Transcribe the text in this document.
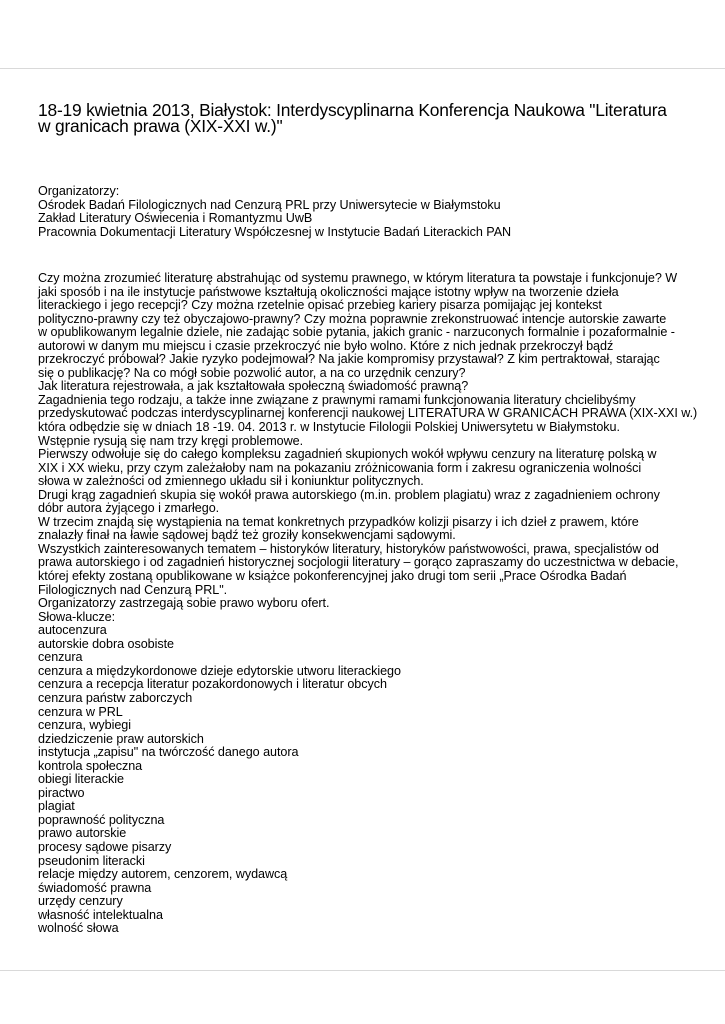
18-19 kwietnia 2013, Białystok: Interdyscyplinarna Konferencja Naukowa "Literatura
w granicach prawa (XIX-XXI w.)"
Organizatorzy:
Ośrodek Badań Filologicznych nad Cenzurą PRL przy Uniwersytecie w Białymstoku
Zakład Literatury Oświecenia i Romantyzmu UwB
Pracownia Dokumentacji Literatury Współczesnej w Instytucie Badań Literackich PAN
Czy można zrozumieć literaturę abstrahując od systemu prawnego, w którym literatura ta powstaje i funkcjonuje? W
jaki sposób i na ile instytucje państwowe kształtują okoliczności mające istotny wpływ na tworzenie dzieła
literackiego i jego recepcji? Czy można rzetelnie opisać przebieg kariery pisarza pomijając jej kontekst
polityczno-prawny czy też obyczajowo-prawny? Czy można poprawnie zrekonstruować intencje autorskie zawarte
w opublikowanym legalnie dziele, nie zadając sobie pytania, jakich granic - narzuconych formalnie i pozaformalnie -
autorowi w danym mu miejscu i czasie przekroczyć nie było wolno. Które z nich jednak przekroczył bądź
przekroczyć próbował? Jakie ryzyko podejmował? Na jakie kompromisy przystawał? Z kim pertraktował, starając
się o publikację? Na co mógł sobie pozwolić autor, a na co urzędnik cenzury?
Jak literatura rejestrowała, a jak kształtowała społeczną świadomość prawną?
Zagadnienia tego rodzaju, a także inne związane z prawnymi ramami funkcjonowania literatury chcielibyśmy
przedyskutować podczas interdyscyplinarnej konferencji naukowej LITERATURA W GRANICACH PRAWA (XIX-XXI w.)
która odbędzie się w dniach 18 -19. 04. 2013 r. w Instytucie Filologii Polskiej Uniwersytetu w Białymstoku.
Wstępnie rysują się nam trzy kręgi problemowe.
Pierwszy odwołuje się do całego kompleksu zagadnień skupionych wokół wpływu cenzury na literaturę polską w
XIX i XX wieku, przy czym zależałoby nam na pokazaniu zróżnicowania form i zakresu ograniczenia wolności
słowa w zależności od zmiennego układu sił i koniunktur politycznych.
Drugi krąg zagadnień skupia się wokół prawa autorskiego (m.in. problem plagiatu) wraz z zagadnieniem ochrony
dóbr autora żyjącego i zmarłego.
W trzecim znajdą się wystąpienia na temat konkretnych przypadków kolizji pisarzy i ich dzieł z prawem, które
znalazły finał na ławie sądowej bądź też groziły konsekwencjami sądowymi.
Wszystkich zainteresowanych tematem – historyków literatury, historyków państwowości, prawa, specjalistów od
prawa autorskiego i od zagadnień historycznej socjologii literatury – gorąco zapraszamy do uczestnictwa w debacie,
której efekty zostaną opublikowane w książce pokonferencyjnej jako drugi tom serii „Prace Ośrodka Badań
Filologicznych nad Cenzurą PRL".
Organizatorzy zastrzegają sobie prawo wyboru ofert.
Słowa-klucze:
autocenzura
autorskie dobra osobiste
cenzura
cenzura a międzykordonowe dzieje edytorskie utworu literackiego
cenzura a recepcja literatur pozakordonowych i literatur obcych
cenzura państw zaborczych
cenzura w PRL
cenzura, wybiegi
dziedziczenie praw autorskich
instytucja „zapisu" na twórczość danego autora
kontrola społeczna
obiegi literackie
piractwo
plagiat
poprawność polityczna
prawo autorskie
procesy sądowe pisarzy
pseudonim literacki
relacje między autorem, cenzorem, wydawcą
świadomość prawna
urzędy cenzury
własność intelektualna
wolność słowa
